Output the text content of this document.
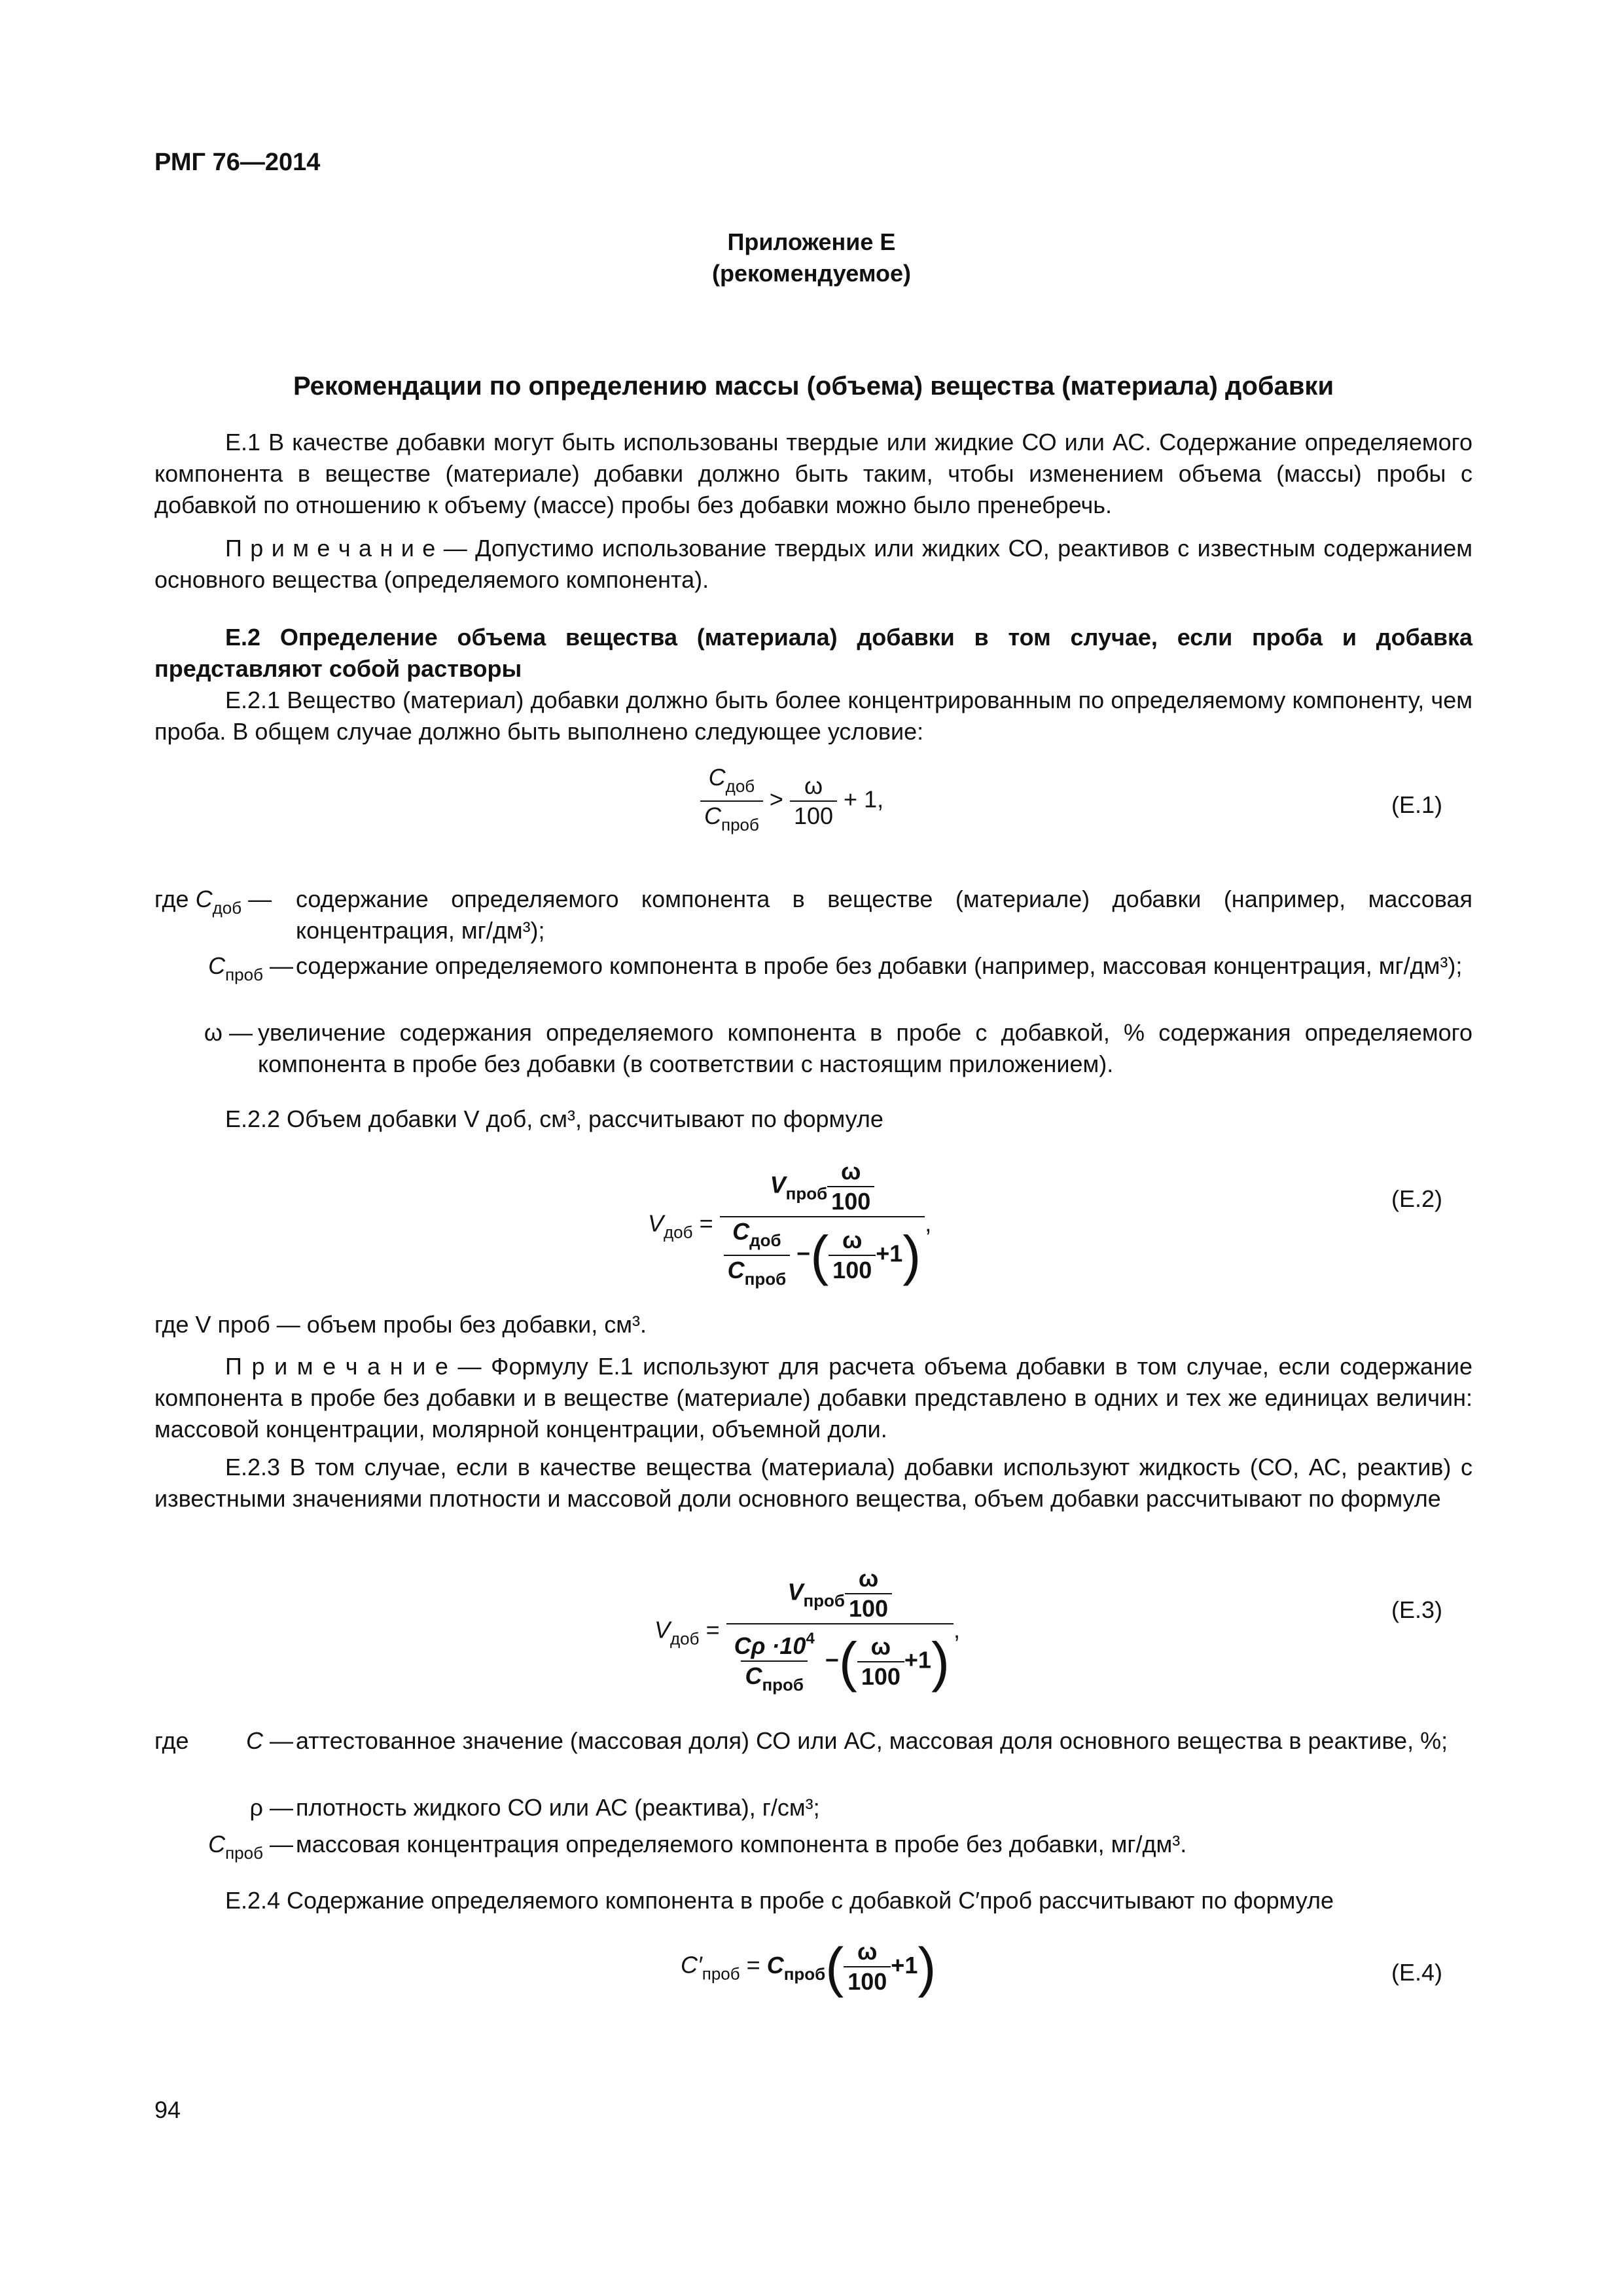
РМГ 76—2014
Приложение Е
(рекомендуемое)
Рекомендации по определению массы (объема) вещества (материала) добавки
Е.1 В качестве добавки могут быть использованы твердые или жидкие СО или АС. Содержание определяемого компонента в веществе (материале) добавки должно быть таким, чтобы изменением объема (массы) пробы с добавкой по отношению к объему (массе) пробы без добавки можно было пренебречь.
П р и м е ч а н и е — Допустимо использование твердых или жидких СО, реактивов с известным содержанием основного вещества (определяемого компонента).
Е.2 Определение объема вещества (материала) добавки в том случае, если проба и добавка представляют собой растворы
Е.2.1 Вещество (материал) добавки должно быть более концентрированным по определяемому компоненту, чем проба. В общем случае должно быть выполнено следующее условие:
$\frac{C_{доб}}{C_{проб}} > \frac{\omega}{100} + 1$,	(Е.1)
где $C_{доб}$ —	содержание определяемого компонента в веществе (материале) добавки (например, массовая концентрация, мг/дм³);
$C_{проб}$ — содержание определяемого компонента в пробе без добавки (например, массовая концентрация, мг/дм³);
ω — увеличение содержания определяемого компонента в пробе с добавкой, % содержания определяемого компонента в пробе без добавки (в соответствии с настоящим приложением).
Е.2.2 Объем добавки V доб, см³, рассчитывают по формуле
$V_{доб} = \frac{V_{проб} \frac{\omega}{100}}{\frac{C_{доб}}{C_{проб}} -( \frac{\omega}{100} +1)}$ ,
(Е.2)
где V проб — объем пробы без добавки, см³.
П р и м е ч а н и е — Формулу Е.1 используют для расчета объема добавки в том случае, если содержание компонента в пробе без добавки и в веществе (материале) добавки представлено в одних и тех же единицах величин: массовой концентрации, молярной концентрации, объемной доли.
Е.2.3 В том случае, если в качестве вещества (материала) добавки используют жидкость (СО, АС, реактив) с известными значениями плотности и массовой доли основного вещества, объем добавки рассчитывают по формуле
$V_{доб} = \frac{V_{проб} \frac{\omega}{100}}{\frac{C\rho \cdot 10^4}{C_{проб}} -( \frac{\omega}{100} +1)}$ ,
(Е.3)
где	C — аттестованное значение (массовая доля) СО или АС, массовая доля основного вещества в реактиве, %;
ρ — плотность жидкого СО или АС (реактива), г/см³;
$C_{проб}$ — массовая концентрация определяемого компонента в пробе без добавки, мг/дм³.
Е.2.4 Содержание определяемого компонента в пробе с добавкой C′проб рассчитывают по формуле
$C'_{проб} = C_{проб}( \frac{\omega}{100} +1)$	(Е.4)
94
